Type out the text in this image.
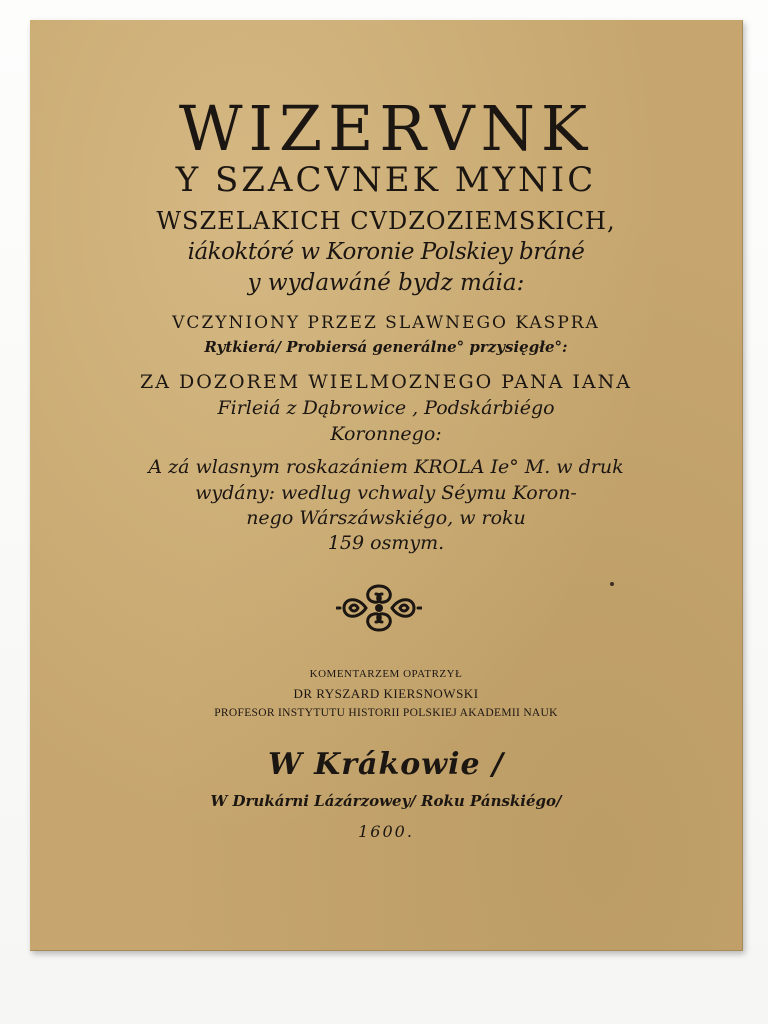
WIZERVNK
Y SZACVNEK MYNIC
WSZELAKICH CVDZOZIEMSKICH,
iákoktóré w Koronie Polskiey bráné
y wydawáné bydz máia:
VCZYNIONY PRZEZ SLAWNEGO KASPRA
Rytkierá/ Probiersá generálne° przysięgłe°:
ZA DOZOREM WIELMOZNEGO PANA IANA
Firleiá z Dąbrowice , Podskárbiégo
Koronnego:
A zá wlasnym roskazániem KROLA Ie° M. w druk
wydány: wedlug vchwaly Séymu Koron-
nego Wárszáwskiégo, w roku
159 osmym.
KOMENTARZEM OPATRZYŁ
DR RYSZARD KIERSNOWSKI
PROFESOR INSTYTUTU HISTORII POLSKIEJ AKADEMII NAUK
W Krákowie /
W Drukárni Lázárzowey/ Roku Pánskiégo/
1600.
